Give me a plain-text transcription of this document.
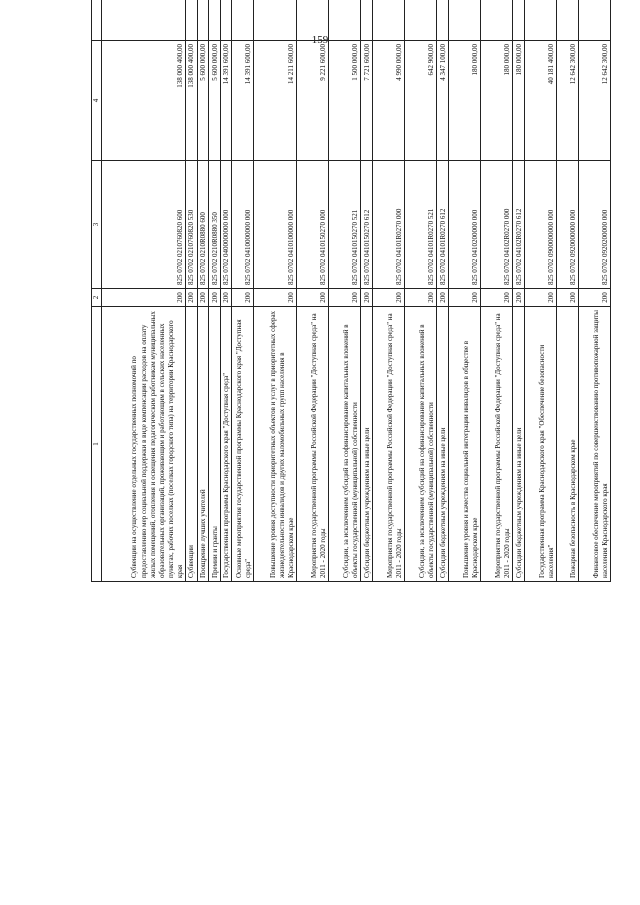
159
1	2	3	4		
Субвенции на осуществление отдельных государственных полномочий по предоставлению мер социальной поддержки в виде компенсации расходов на оплату жилых помещений, отопления и освещения педагогическим работникам муниципальных образовательных организаций, проживающим и работающим в сельских населенных пунктах, рабочих поселках (поселках городского типа) на территории Краснодарского края	200	825 0702 0210760820 600	138 000 400,00		
Субвенции	200	825 0702 0210760820 530	138 000 400,00		
Поощрение лучших учителей	200	825 0702 0210R0880 600	5 600 000,00		
Премии и гранты	200	825 0702 0210R0880 350	5 600 000,00		
Государственная программа Краснодарского края "Доступная среда"	200	825 0702 0400000000 000	14 391 600,00		
Основные мероприятия государственной программы Краснодарского края "Доступная среда"	200	825 0702 0410000000 000	14 391 600,00		
Повышение уровня доступности приоритетных объектов и услуг в приоритетных сферах жизнедеятельности инвалидов и других маломобильных групп населения в Краснодарском крае	200	825 0702 0410100000 000	14 211 600,00		
Мероприятия государственной программы Российской Федерации "Доступная среда" на 2011 - 2020 годы	200	825 0702 0410150270 000	9 221 600,00		
Субсидии, за исключением субсидий на софинансирование капитальных вложений в объекты государственной (муниципальной) собственности	200	825 0702 0410150270 521	1 500 000,00		
Субсидии бюджетным учреждениям на иные цели	200	825 0702 0410150270 612	7 721 600,00		
Мероприятия государственной программы Российской Федерации "Доступная среда" на 2011 - 2020 годы	200	825 0702 04101R0270 000	4 990 000,00		
Субсидии, за исключением субсидий на софинансирование капитальных вложений в объекты государственной (муниципальной) собственности	200	825 0702 04101R0270 521	642 900,00		
Субсидии бюджетным учреждениям на иные цели	200	825 0702 04101R0270 612	4 347 100,00		
Повышение уровня и качества социальной интеграции инвалидов в обществе в Краснодарском крае	200	825 0702 0410200000 000	180 000,00		
Мероприятия государственной программы Российской Федерации "Доступная среда" на 2011 - 2020 годы	200	825 0702 04102R0270 000	180 000,00		
Субсидии бюджетным учреждениям на иные цели	200	825 0702 04102R0270 612	180 000,00		
Государственная программа Краснодарского края "Обеспечение безопасности населения"	200	825 0702 0900000000 000	40 181 400,00		
Пожарная безопасность в Краснодарском крае	200	825 0702 0920000000 000	12 642 300,00		
Финансовое обеспечение мероприятий по совершенствованию противопожарной защиты населения Краснодарского края	200	825 0702 0920200000 000	12 642 300,00		
